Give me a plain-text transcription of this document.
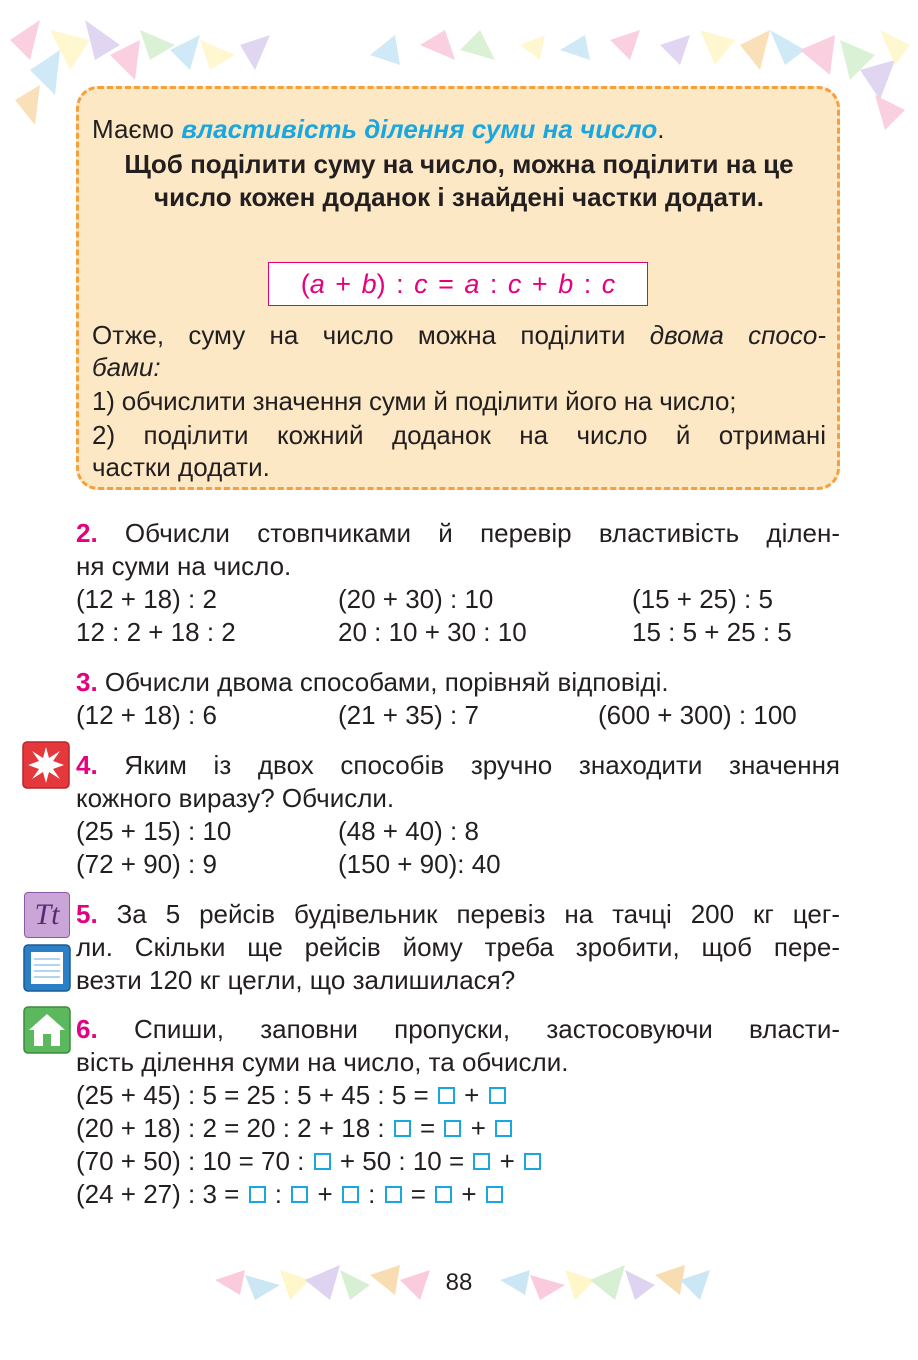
Маємо властивість ділення суми на число.
Щоб поділити суму на число, можна поділити на це число кожен доданок і знайдені частки додати.
(a + b) : c = a : c + b : c
Отже, суму на число можна поділити двома спосо-
бами:
1) обчислити значення суми й поділити його на число;
2) поділити кожний доданок на число й отримані
частки додати.
2. Обчисли стовпчиками й перевір властивість ділен-
ня суми на число.
(12 + 18) : 2
12 : 2 + 18 : 2
(20 + 30) : 10
20 : 10 + 30 : 10
(15 + 25) : 5
15 : 5 + 25 : 5
3. Обчисли двома способами, порівняй відповіді.
(12 + 18) : 6	(21 + 35) : 7	(600 + 300) : 100
4. Яким із двох способів зручно знаходити значення
кожного виразу? Обчисли.
(25 + 15) : 10
(72 + 90) : 9
(48 + 40) : 8
(150 + 90): 40
Tt 5. За 5 рейсів будівельник перевіз на тачці 200 кг цег-
ли. Скільки ще рейсів йому треба зробити, щоб пере-
везти 120 кг цегли, що залишилася?
6. Спиши, заповни пропуски, застосовуючи власти-
вість ділення суми на число, та обчисли.
(25 + 45) : 5 = 25 : 5 + 45 : 5 =  +
(20 + 18) : 2 = 20 : 2 + 18 :  =  +
(70 + 50) : 10 = 70 :  + 50 : 10 =  +
(24 + 27) : 3 =  :  +  :  =  +
88
